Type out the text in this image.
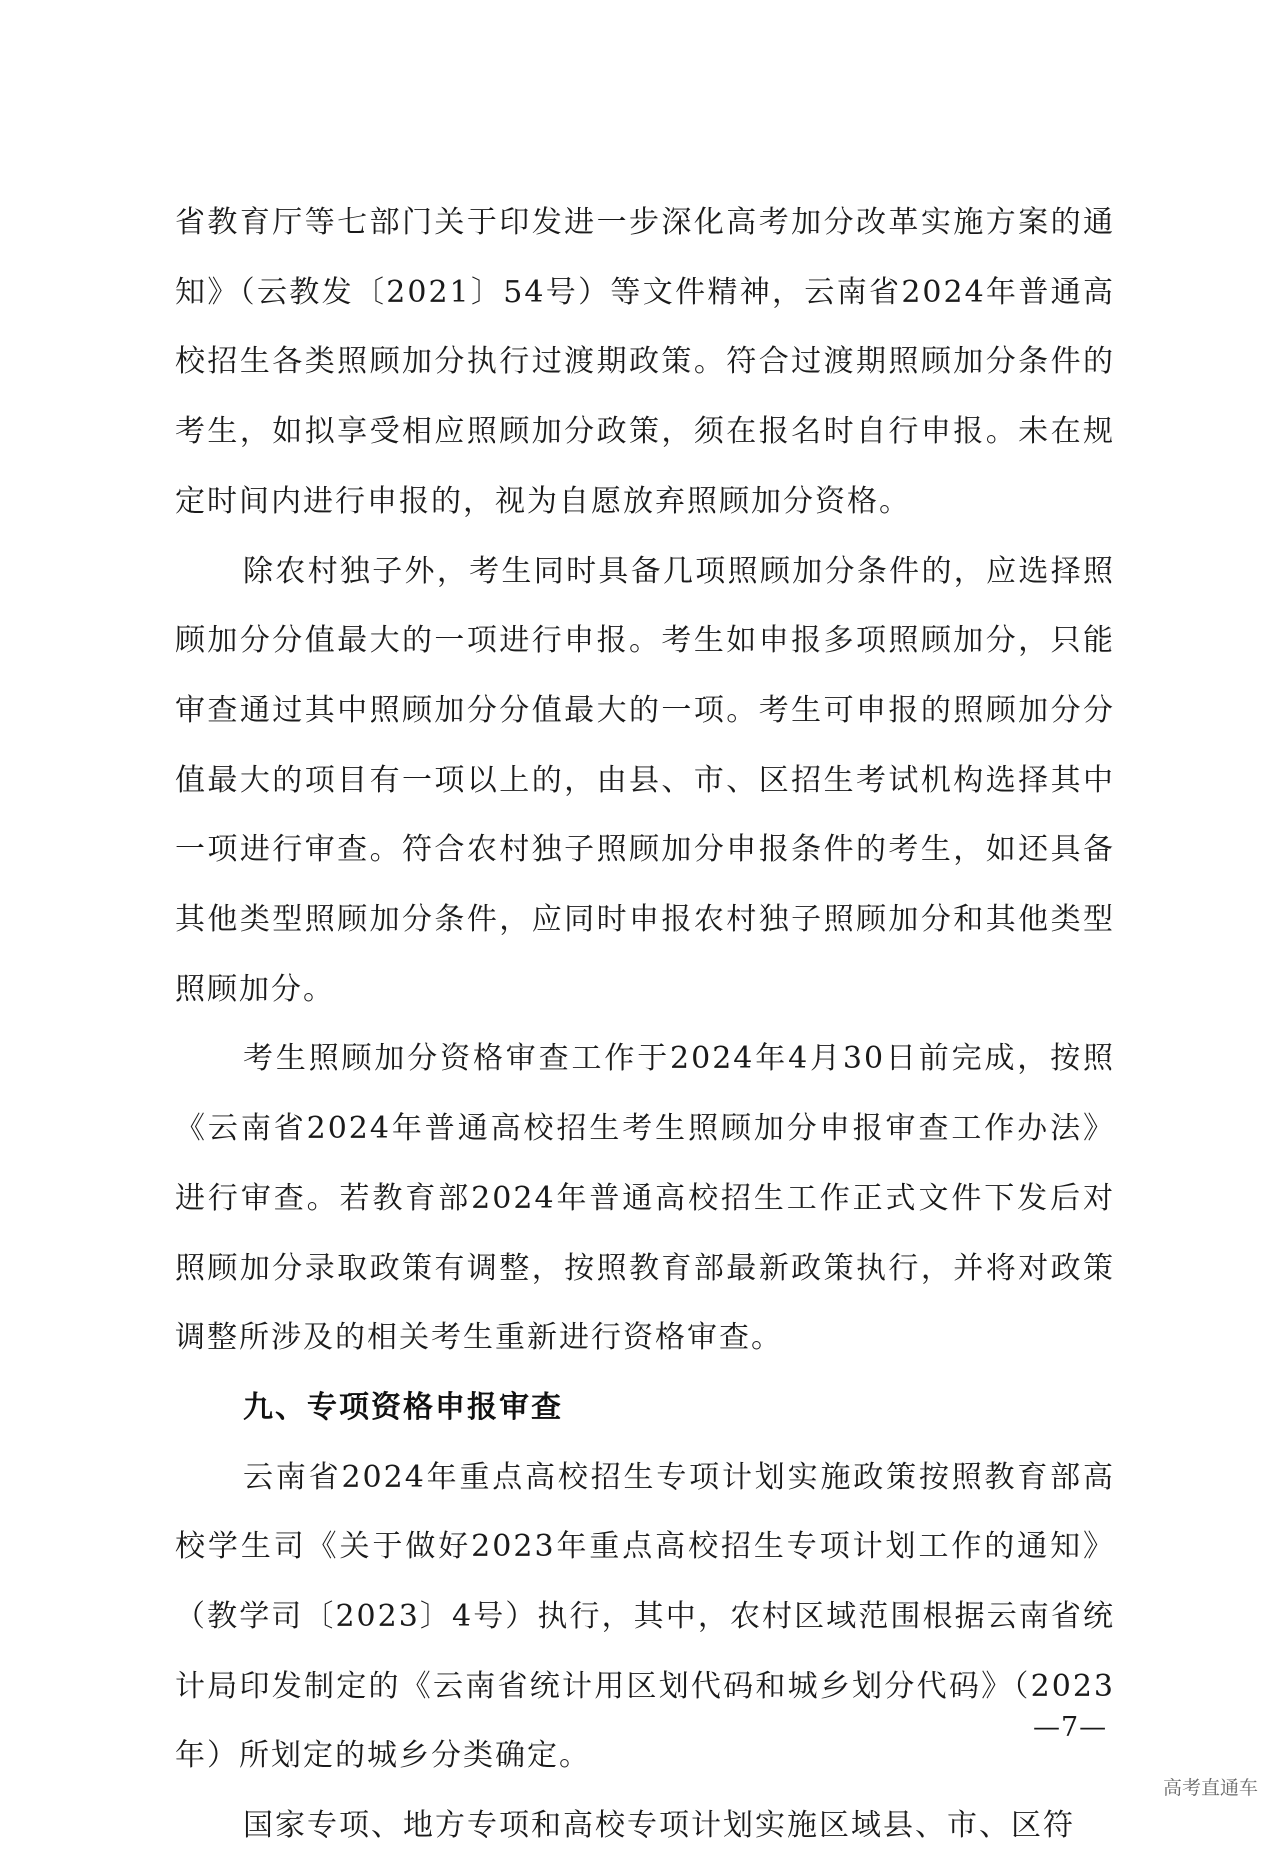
省教育厅等七部门关于印发进一步深化高考加分改革实施方案的通知》（云教发〔2021〕54号）等文件精神，云南省2024年普通高校招生各类照顾加分执行过渡期政策。符合过渡期照顾加分条件的考生，如拟享受相应照顾加分政策，须在报名时自行申报。未在规定时间内进行申报的，视为自愿放弃照顾加分资格。

除农村独子外，考生同时具备几项照顾加分条件的，应选择照顾加分分值最大的一项进行申报。考生如申报多项照顾加分，只能审查通过其中照顾加分分值最大的一项。考生可申报的照顾加分分值最大的项目有一项以上的，由县、市、区招生考试机构选择其中一项进行审查。符合农村独子照顾加分申报条件的考生，如还具备其他类型照顾加分条件，应同时申报农村独子照顾加分和其他类型照顾加分。

考生照顾加分资格审查工作于2024年4月30日前完成，按照《云南省2024年普通高校招生考生照顾加分申报审查工作办法》进行审查。若教育部2024年普通高校招生工作正式文件下发后对照顾加分录取政策有调整，按照教育部最新政策执行，并将对政策调整所涉及的相关考生重新进行资格审查。

九、专项资格申报审查

云南省2024年重点高校招生专项计划实施政策按照教育部高校学生司《关于做好2023年重点高校招生专项计划工作的通知》（教学司〔2023〕4号）执行，其中，农村区域范围根据云南省统计局印发制定的《云南省统计用区划代码和城乡划分代码》（2023年）所划定的城乡分类确定。

国家专项、地方专项和高校专项计划实施区域县、市、区符

—7—
高考直通车
